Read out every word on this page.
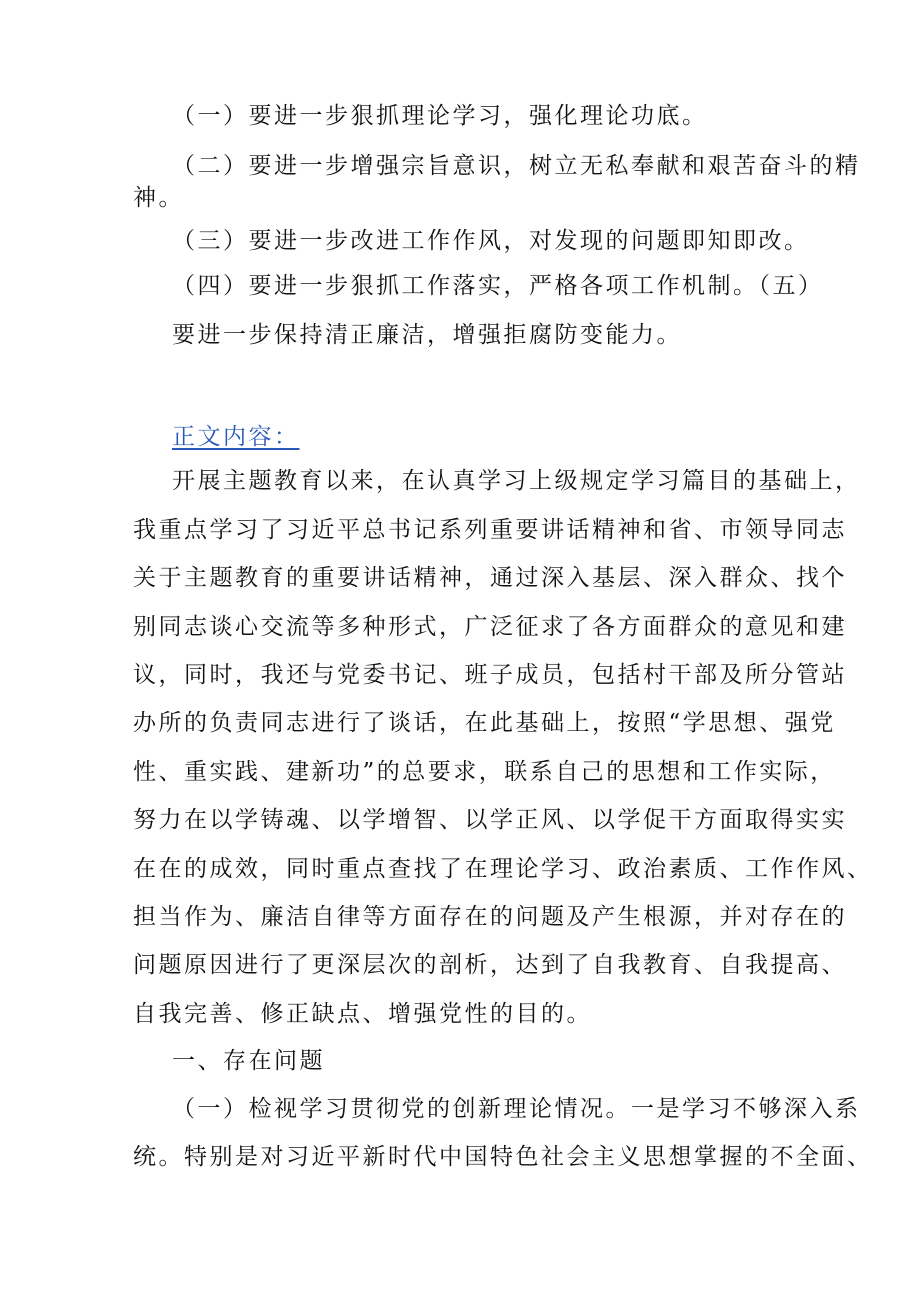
（一）要进一步狠抓理论学习，强化理论功底。
（二）要进一步增强宗旨意识，树立无私奉献和艰苦奋斗的精
神。
（三）要进一步改进工作作风，对发现的问题即知即改。
（四）要进一步狠抓工作落实，严格各项工作机制。（五）
要进一步保持清正廉洁，增强拒腐防变能力。
正文内容：
开展主题教育以来，在认真学习上级规定学习篇目的基础上，
我重点学习了习近平总书记系列重要讲话精神和省、市领导同志
关于主题教育的重要讲话精神，通过深入基层、深入群众、找个
别同志谈心交流等多种形式，广泛征求了各方面群众的意见和建
议，同时，我还与党委书记、班子成员，包括村干部及所分管站
办所的负责同志进行了谈话，在此基础上，按照“学思想、强党
性、重实践、建新功”的总要求，联系自己的思想和工作实际，
努力在以学铸魂、以学增智、以学正风、以学促干方面取得实实
在在的成效，同时重点查找了在理论学习、政治素质、工作作风、
担当作为、廉洁自律等方面存在的问题及产生根源，并对存在的
问题原因进行了更深层次的剖析，达到了自我教育、自我提高、
自我完善、修正缺点、增强党性的目的。
一、存在问题
（一）检视学习贯彻党的创新理论情况。一是学习不够深入系
统。特别是对习近平新时代中国特色社会主义思想掌握的不全面、
